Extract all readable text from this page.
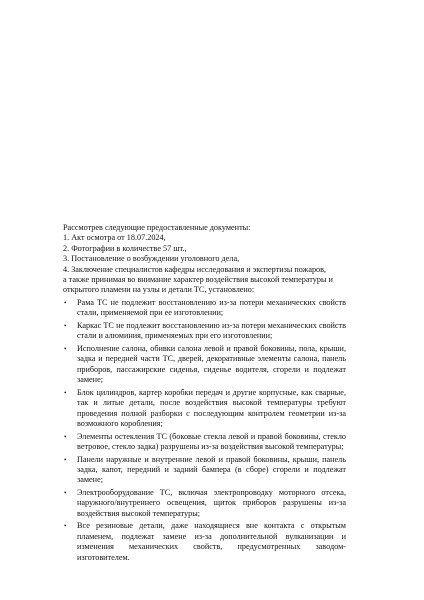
Рассмотрев следующие предоставленные документы:
1. Акт осмотра от 18.07.2024,
2. Фотографии в количестве 57 шт.,
3. Постановление о возбуждении уголовного дела,
4. Заключение специалистов кафедры исследования и экспертизы пожаров,
а также принимая во внимание характер воздействия высокой температуры и
открытого пламени на узлы и детали ТС, установлено:
• Рама ТС не подлежит восстановлению из-за потери механических свойств стали, применяемой при ее изготовлении;
• Каркас ТС не подлежит восстановлению из-за потери механических свойств стали и алюминия, применяемых при его изготовлении;
• Исполнение салона, обивки салона левой и правой боковины, пола, крыши, задка и передней части ТС, дверей, декоративные элементы салона, панель приборов, пассажирские сиденья, сиденье водителя, сгорели и подлежат замене;
• Блок цилиндров, картер коробки передач и другие корпусные, как сварные, так и литые детали, после воздействия высокой температуры требуют проведения полной разборки с последующим контролем геометрии из-за возможного коробления;
• Элементы остекления ТС (боковые стекла левой и правой боковины, стекло ветровое, стекло задка) разрушены из-за воздействия высокой температуры;
• Панели наружные и внутренние левой и правой боковины, крыши, панель задка, капот, передний и задний бампера (в сборе) сгорели и подлежат замене;
• Электрооборудование ТС, включая электропроводку моторного отсека, наружного/внутреннего освещения, щиток приборов разрушены из-за воздействия высокой температуры;
• Все резиновые детали, даже находящиеся вне контакта с открытым пламенем, подлежат замене из-за дополнительной вулканизации и изменения механических свойств, предусмотренных заводом-изготовителем.
